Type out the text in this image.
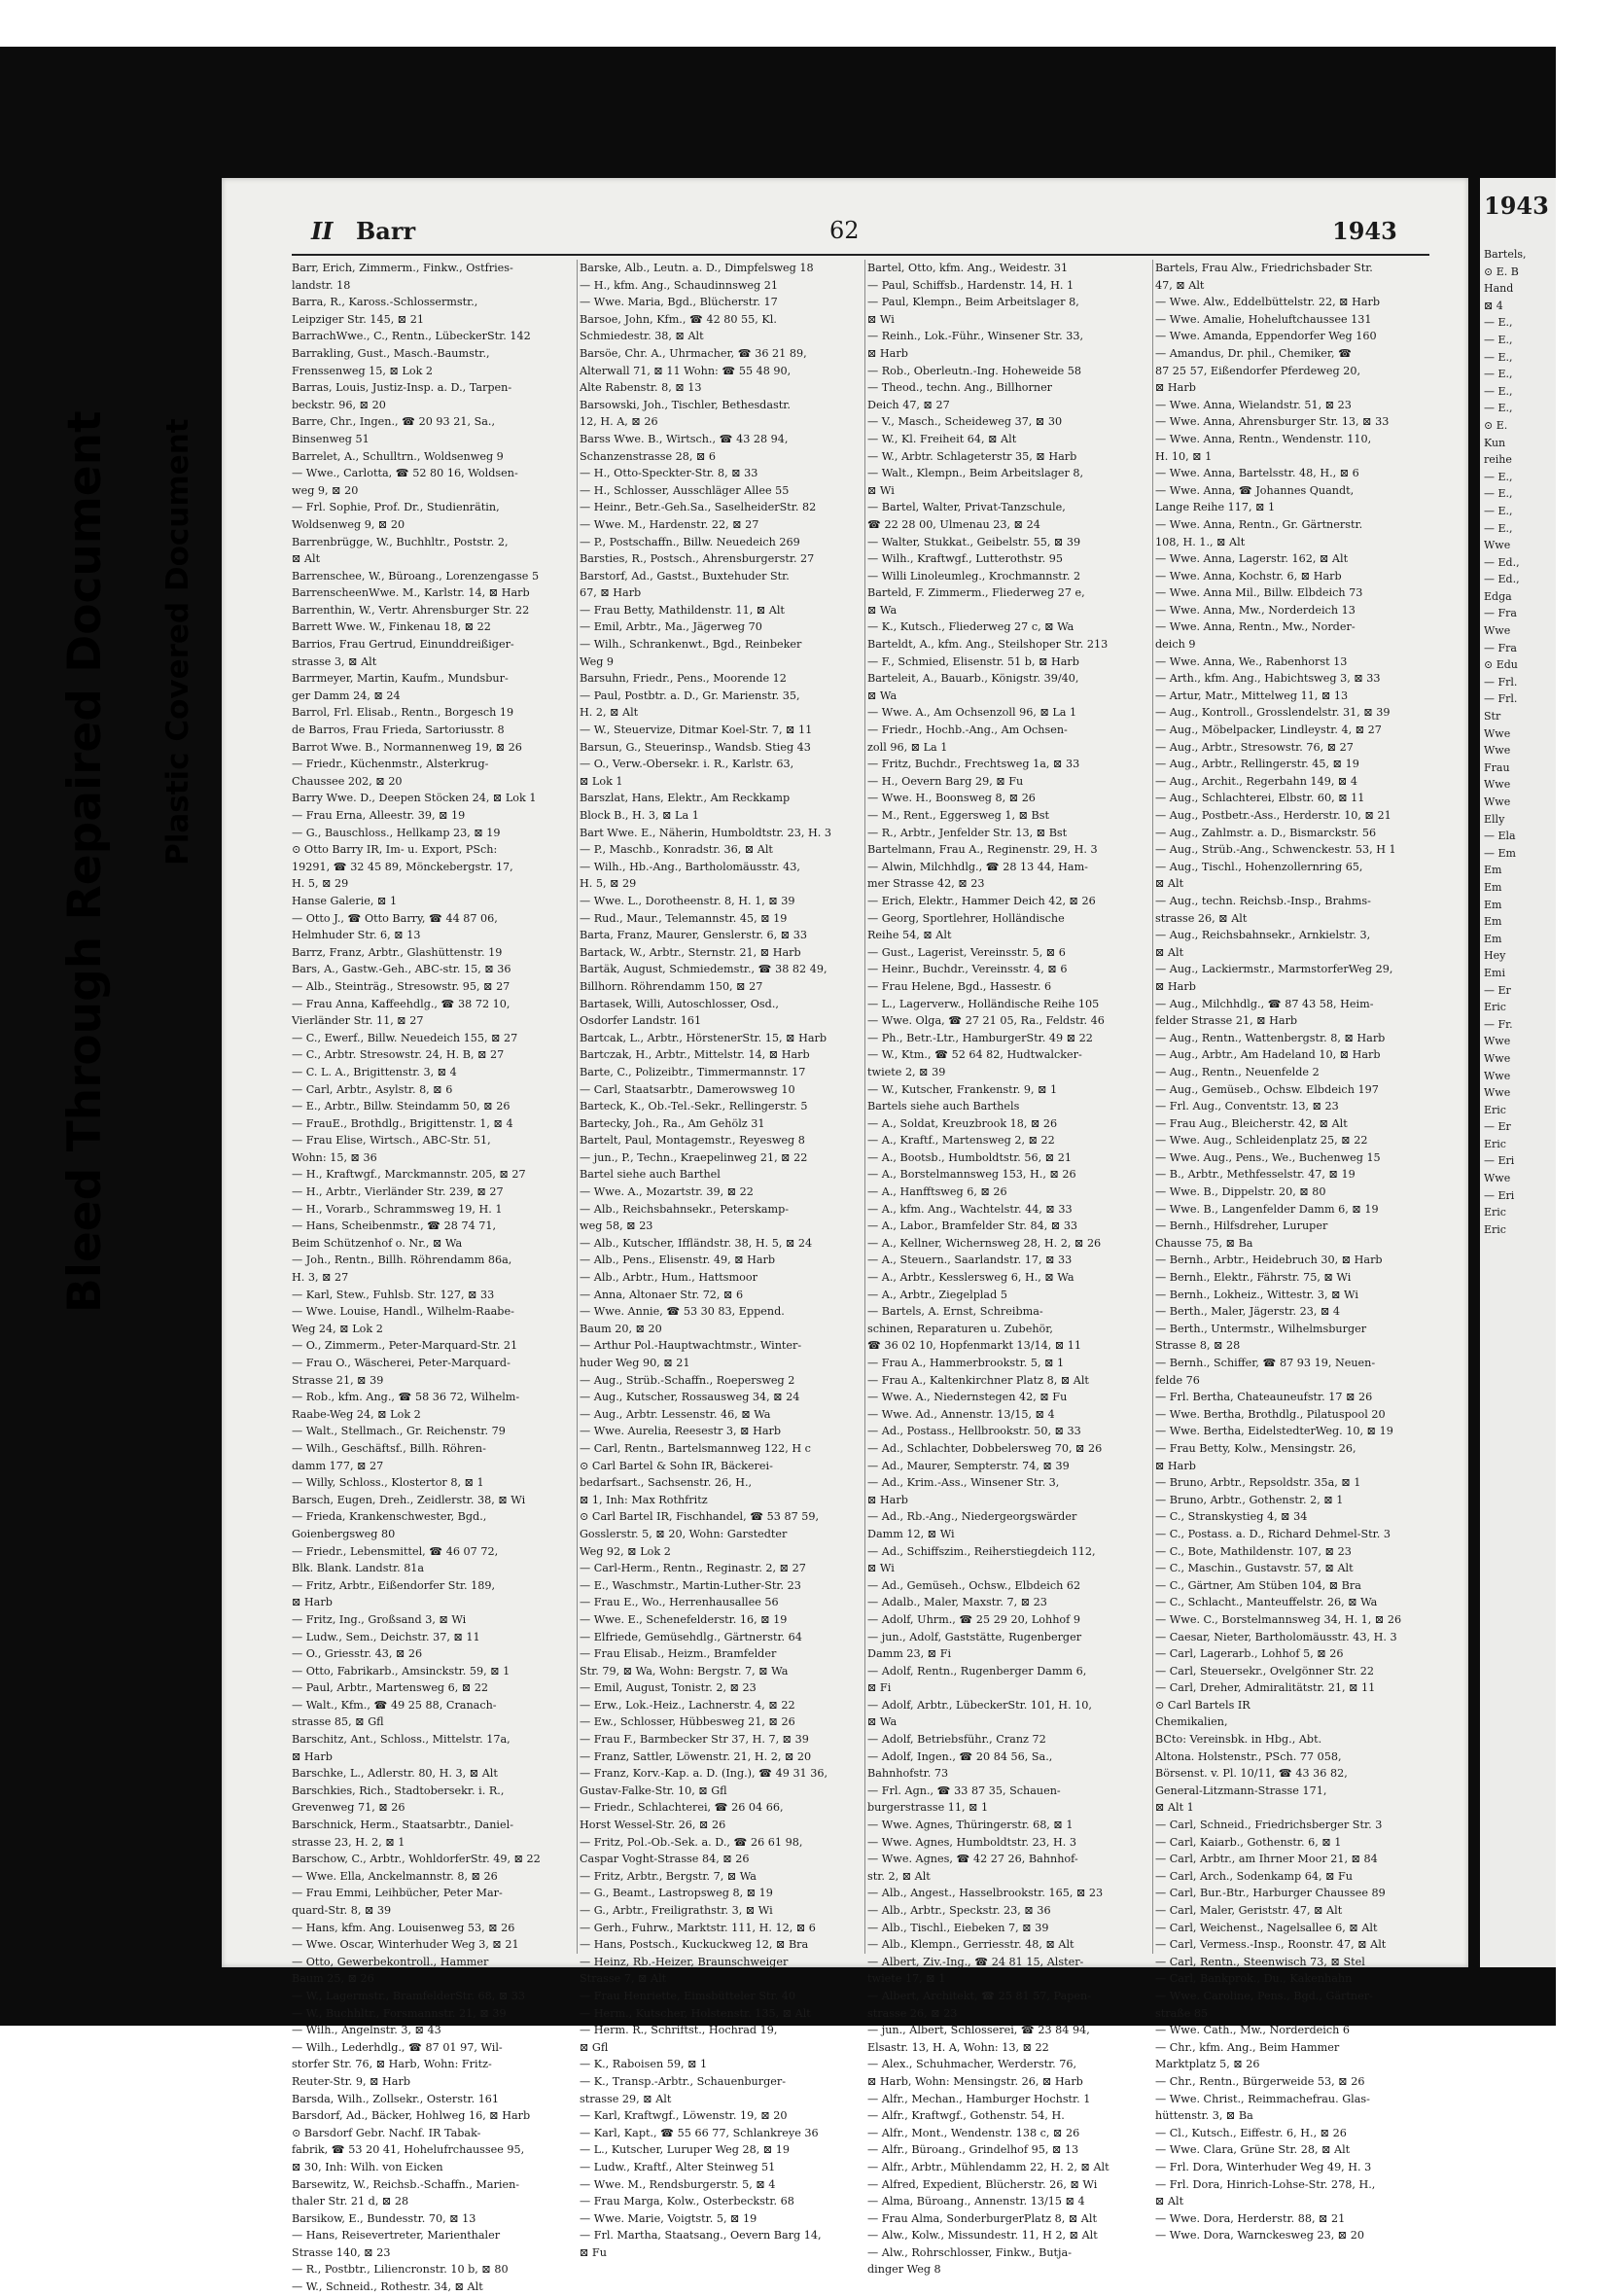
Bleed Through Repaired Document Plastic Covered Document
II Barr	62	1943
Barr, Erich, Zimmerm., Finkw., Ostfries-
landstr. 18
Barra, R., Kaross.-Schlossermstr.,
Leipziger Str. 145, ⊠ 21
BarrachWwe., C., Rentn., LübeckerStr. 142
Barrakling, Gust., Masch.-Baumstr.,
Frenssenweg 15, ⊠ Lok 2
Barras, Louis, Justiz-Insp. a. D., Tarpen-
beckstr. 96, ⊠ 20
Barre, Chr., Ingen., ☎ 20 93 21, Sa.,
Binsenweg 51
Barrelet, A., Schulltrn., Woldsenweg 9
— Wwe., Carlotta, ☎ 52 80 16, Woldsen-
weg 9, ⊠ 20
— Frl. Sophie, Prof. Dr., Studienrätin,
Woldsenweg 9, ⊠ 20
Barrenbrügge, W., Buchhltr., Poststr. 2,
⊠ Alt
Barrenschee, W., Büroang., Lorenzengasse 5
BarrenscheenWwe. M., Karlstr. 14, ⊠ Harb
Barrenthin, W., Vertr. Ahrensburger Str. 22
Barrett Wwe. W., Finkenau 18, ⊠ 22
Barrios, Frau Gertrud, Einunddreißiger-
strasse 3, ⊠ Alt
Barrmeyer, Martin, Kaufm., Mundsbur-
ger Damm 24, ⊠ 24
Barrol, Frl. Elisab., Rentn., Borgesch 19
de Barros, Frau Frieda, Sartoriusstr. 8
Barrot Wwe. B., Normannenweg 19, ⊠ 26
— Friedr., Küchenmstr., Alsterkrug-
Chaussee 202, ⊠ 20
Barry Wwe. D., Deepen Stöcken 24, ⊠ Lok 1
— Frau Erna, Alleestr. 39, ⊠ 19
— G., Bauschloss., Hellkamp 23, ⊠ 19
⊙ Otto Barry IR, Im- u. Export, PSch:
19291, ☎ 32 45 89, Mönckebergstr. 17,
H. 5, ⊠ 29
Hanse Galerie, ⊠ 1
— Otto J., ☎ Otto Barry, ☎ 44 87 06,
Helmhuder Str. 6, ⊠ 13
Barrz, Franz, Arbtr., Glashüttenstr. 19
Bars, A., Gastw.-Geh., ABC-str. 15, ⊠ 36
— Alb., Steinträg., Stresowstr. 95, ⊠ 27
— Frau Anna, Kaffeehdlg., ☎ 38 72 10,
Vierländer Str. 11, ⊠ 27
— C., Ewerf., Billw. Neuedeich 155, ⊠ 27
— C., Arbtr. Stresowstr. 24, H. B, ⊠ 27
— C. L. A., Brigittenstr. 3, ⊠ 4
— Carl, Arbtr., Asylstr. 8, ⊠ 6
— E., Arbtr., Billw. Steindamm 50, ⊠ 26
— FrauE., Brothdlg., Brigittenstr. 1, ⊠ 4
— Frau Elise, Wirtsch., ABC-Str. 51,
Wohn: 15, ⊠ 36
— H., Kraftwgf., Marckmannstr. 205, ⊠ 27
— H., Arbtr., Vierländer Str. 239, ⊠ 27
— H., Vorarb., Schrammsweg 19, H. 1
— Hans, Scheibenmstr., ☎ 28 74 71,
Beim Schützenhof o. Nr., ⊠ Wa
— Joh., Rentn., Billh. Röhrendamm 86a,
H. 3, ⊠ 27
— Karl, Stew., Fuhlsb. Str. 127, ⊠ 33
— Wwe. Louise, Handl., Wilhelm-Raabe-
Weg 24, ⊠ Lok 2
— O., Zimmerm., Peter-Marquard-Str. 21
— Frau O., Wäscherei, Peter-Marquard-
Strasse 21, ⊠ 39
— Rob., kfm. Ang., ☎ 58 36 72, Wilhelm-
Raabe-Weg 24, ⊠ Lok 2
— Walt., Stellmach., Gr. Reichenstr. 79
— Wilh., Geschäftsf., Billh. Röhren-
damm 177, ⊠ 27
— Willy, Schloss., Klostertor 8, ⊠ 1
Barsch, Eugen, Dreh., Zeidlerstr. 38, ⊠ Wi
— Frieda, Krankenschwester, Bgd.,
Goienbergsweg 80
— Friedr., Lebensmittel, ☎ 46 07 72,
Blk. Blank. Landstr. 81a
— Fritz, Arbtr., Eißendorfer Str. 189,
⊠ Harb
— Fritz, Ing., Großsand 3, ⊠ Wi
— Ludw., Sem., Deichstr. 37, ⊠ 11
— O., Griesstr. 43, ⊠ 26
— Otto, Fabrikarb., Amsinckstr. 59, ⊠ 1
— Paul, Arbtr., Martensweg 6, ⊠ 22
— Walt., Kfm., ☎ 49 25 88, Cranach-
strasse 85, ⊠ Gfl
Barschitz, Ant., Schloss., Mittelstr. 17a,
⊠ Harb
Barschke, L., Adlerstr. 80, H. 3, ⊠ Alt
Barschkies, Rich., Stadtobersekr. i. R.,
Grevenweg 71, ⊠ 26
Barschnick, Herm., Staatsarbtr., Daniel-
strasse 23, H. 2, ⊠ 1
Barschow, C., Arbtr., WohldorferStr. 49, ⊠ 22
— Wwe. Ella, Anckelmannstr. 8, ⊠ 26
— Frau Emmi, Leihbücher, Peter Mar-
quard-Str. 8, ⊠ 39
— Hans, kfm. Ang. Louisenweg 53, ⊠ 26
— Wwe. Oscar, Winterhuder Weg 3, ⊠ 21
— Otto, Gewerbekontroll., Hammer
Baum 25, ⊠ 26
— W., Lagermstr., BramfelderStr. 68, ⊠ 33
— W., Buchhltr., Forsmannstr. 21, ⊠ 39
— Wilh., Angelnstr. 3, ⊠ 43
— Wilh., Lederhdlg., ☎ 87 01 97, Wil-
storfer Str. 76, ⊠ Harb, Wohn: Fritz-
Reuter-Str. 9, ⊠ Harb
Barsda, Wilh., Zollsekr., Osterstr. 161
Barsdorf, Ad., Bäcker, Hohlweg 16, ⊠ Harb
⊙ Barsdorf Gebr. Nachf. IR Tabak-
fabrik, ☎ 53 20 41, Hohelufrchaussee 95,
⊠ 30, Inh: Wilh. von Eicken
Barsewitz, W., Reichsb.-Schaffn., Marien-
thaler Str. 21 d, ⊠ 28
Barsikow, E., Bundesstr. 70, ⊠ 13
— Hans, Reisevertreter, Marienthaler
Strasse 140, ⊠ 23
— R., Postbtr., Liliencronstr. 10 b, ⊠ 80
— W., Schneid., Rothestr. 34, ⊠ Alt
Barske, Alb., Leutn. a. D., Dimpfelsweg 18
— H., kfm. Ang., Schaudinnsweg 21
— Wwe. Maria, Bgd., Blücherstr. 17
Barsoe, John, Kfm., ☎ 42 80 55, Kl.
Schmiedestr. 38, ⊠ Alt
Barsöe, Chr. A., Uhrmacher, ☎ 36 21 89,
Alterwall 71, ⊠ 11 Wohn: ☎ 55 48 90,
Alte Rabenstr. 8, ⊠ 13
Barsowski, Joh., Tischler, Bethesdastr.
12, H. A, ⊠ 26
Barss Wwe. B., Wirtsch., ☎ 43 28 94,
Schanzenstrasse 28, ⊠ 6
— H., Otto-Speckter-Str. 8, ⊠ 33
— H., Schlosser, Ausschläger Allee 55
— Heinr., Betr.-Geh.Sa., SaselheiderStr. 82
— Wwe. M., Hardenstr. 22, ⊠ 27
— P., Postschaffn., Billw. Neuedeich 269
Barsties, R., Postsch., Ahrensburgerstr. 27
Barstorf, Ad., Gastst., Buxtehuder Str.
67, ⊠ Harb
— Frau Betty, Mathildenstr. 11, ⊠ Alt
— Emil, Arbtr., Ma., Jägerweg 70
— Wilh., Schrankenwt., Bgd., Reinbeker
Weg 9
Barsuhn, Friedr., Pens., Moorende 12
— Paul, Postbtr. a. D., Gr. Marienstr. 35,
H. 2, ⊠ Alt
— W., Steuervize, Ditmar Koel-Str. 7, ⊠ 11
Barsun, G., Steuerinsp., Wandsb. Stieg 43
— O., Verw.-Obersekr. i. R., Karlstr. 63,
⊠ Lok 1
Barszlat, Hans, Elektr., Am Reckkamp
Block B., H. 3, ⊠ La 1
Bart Wwe. E., Näherin, Humboldtstr. 23, H. 3
— P., Maschb., Konradstr. 36, ⊠ Alt
— Wilh., Hb.-Ang., Bartholomäusstr. 43,
H. 5, ⊠ 29
— Wwe. L., Dorotheenstr. 8, H. 1, ⊠ 39
— Rud., Maur., Telemannstr. 45, ⊠ 19
Barta, Franz, Maurer, Genslerstr. 6, ⊠ 33
Bartack, W., Arbtr., Sternstr. 21, ⊠ Harb
Bartäk, August, Schmiedemstr., ☎ 38 82 49,
Billhorn. Röhrendamm 150, ⊠ 27
Bartasek, Willi, Autoschlosser, Osd.,
Osdorfer Landstr. 161
Bartcak, L., Arbtr., HörstenerStr. 15, ⊠ Harb
Bartczak, H., Arbtr., Mittelstr. 14, ⊠ Harb
Barte, C., Polizeibtr., Timmermannstr. 17
— Carl, Staatsarbtr., Damerowsweg 10
Barteck, K., Ob.-Tel.-Sekr., Rellingerstr. 5
Bartecky, Joh., Ra., Am Gehölz 31
Bartelt, Paul, Montagemstr., Reyesweg 8
— jun., P., Techn., Kraepelinweg 21, ⊠ 22
Bartel siehe auch Barthel
— Wwe. A., Mozartstr. 39, ⊠ 22
— Alb., Reichsbahnsekr., Peterskamp-
weg 58, ⊠ 23
— Alb., Kutscher, Iffländstr. 38, H. 5, ⊠ 24
— Alb., Pens., Elisenstr. 49, ⊠ Harb
— Alb., Arbtr., Hum., Hattsmoor
— Anna, Altonaer Str. 72, ⊠ 6
— Wwe. Annie, ☎ 53 30 83, Eppend.
Baum 20, ⊠ 20
— Arthur Pol.-Hauptwachtmstr., Winter-
huder Weg 90, ⊠ 21
— Aug., Strüb.-Schaffn., Roepersweg 2
— Aug., Kutscher, Rossausweg 34, ⊠ 24
— Aug., Arbtr. Lessenstr. 46, ⊠ Wa
— Wwe. Aurelia, Reesestr 3, ⊠ Harb
— Carl, Rentn., Bartelsmannweg 122, H c
⊙ Carl Bartel & Sohn IR, Bäckerei-
bedarfsart., Sachsenstr. 26, H.,
⊠ 1, Inh: Max Rothfritz
⊙ Carl Bartel IR, Fischhandel, ☎ 53 87 59,
Gosslerstr. 5, ⊠ 20, Wohn: Garstedter
Weg 92, ⊠ Lok 2
— Carl-Herm., Rentn., Reginastr. 2, ⊠ 27
— E., Waschmstr., Martin-Luther-Str. 23
— Frau E., Wo., Herrenhausallee 56
— Wwe. E., Schenefelderstr. 16, ⊠ 19
— Elfriede, Gemüsehdlg., Gärtnerstr. 64
— Frau Elisab., Heizm., Bramfelder
Str. 79, ⊠ Wa, Wohn: Bergstr. 7, ⊠ Wa
— Emil, August, Tonistr. 2, ⊠ 23
— Erw., Lok.-Heiz., Lachnerstr. 4, ⊠ 22
— Ew., Schlosser, Hübbesweg 21, ⊠ 26
— Frau F., Barmbecker Str 37, H. 7, ⊠ 39
— Franz, Sattler, Löwenstr. 21, H. 2, ⊠ 20
— Franz, Korv.-Kap. a. D. (Ing.), ☎ 49 31 36,
Gustav-Falke-Str. 10, ⊠ Gfl
— Friedr., Schlachterei, ☎ 26 04 66,
Horst Wessel-Str. 26, ⊠ 26
— Fritz, Pol.-Ob.-Sek. a. D., ☎ 26 61 98,
Caspar Voght-Strasse 84, ⊠ 26
— Fritz, Arbtr., Bergstr. 7, ⊠ Wa
— G., Beamt., Lastropsweg 8, ⊠ 19
— G., Arbtr., Freiligrathstr. 3, ⊠ Wi
— Gerh., Fuhrw., Marktstr. 111, H. 12, ⊠ 6
— Hans, Postsch., Kuckuckweg 12, ⊠ Bra
— Heinz, Rb.-Heizer, Braunschweiger
Strasse 7, ⊠ Alt
— Frau Henriette, Eimsbütteler Str. 40
— Herm., Kutscher, Holstenstr. 135, ⊠ Alt
— Herm. R., Schriftst., Hochrad 19,
⊠ Gfl
— K., Raboisen 59, ⊠ 1
— K., Transp.-Arbtr., Schauenburger-
strasse 29, ⊠ Alt
— Karl, Kraftwgf., Löwenstr. 19, ⊠ 20
— Karl, Kapt., ☎ 55 66 77, Schlankreye 36
— L., Kutscher, Luruper Weg 28, ⊠ 19
— Ludw., Kraftf., Alter Steinweg 51
— Wwe. M., Rendsburgerstr. 5, ⊠ 4
— Frau Marga, Kolw., Osterbeckstr. 68
— Wwe. Marie, Voigtstr. 5, ⊠ 19
— Frl. Martha, Staatsang., Oevern Barg 14,
⊠ Fu
Bartel, Otto, kfm. Ang., Weidestr. 31
— Paul, Schiffsb., Hardenstr. 14, H. 1
— Paul, Klempn., Beim Arbeitslager 8,
⊠ Wi
— Reinh., Lok.-Führ., Winsener Str. 33,
⊠ Harb
— Rob., Oberleutn.-Ing. Hoheweide 58
— Theod., techn. Ang., Billhorner
Deich 47, ⊠ 27
— V., Masch., Scheideweg 37, ⊠ 30
— W., Kl. Freiheit 64, ⊠ Alt
— W., Arbtr. Schlageterstr 35, ⊠ Harb
— Walt., Klempn., Beim Arbeitslager 8,
⊠ Wi
— Bartel, Walter, Privat-Tanzschule,
☎ 22 28 00, Ulmenau 23, ⊠ 24
— Walter, Stukkat., Geibelstr. 55, ⊠ 39
— Wilh., Kraftwgf., Lutterothstr. 95
— Willi Linoleumleg., Krochmannstr. 2
Barteld, F. Zimmerm., Fliederweg 27 e,
⊠ Wa
— K., Kutsch., Fliederweg 27 c, ⊠ Wa
Barteldt, A., kfm. Ang., Steilshoper Str. 213
— F., Schmied, Elisenstr. 51 b, ⊠ Harb
Barteleit, A., Bauarb., Königstr. 39/40,
⊠ Wa
— Wwe. A., Am Ochsenzoll 96, ⊠ La 1
— Friedr., Hochb.-Ang., Am Ochsen-
zoll 96, ⊠ La 1
— Fritz, Buchdr., Frechtsweg 1a, ⊠ 33
— H., Oevern Barg 29, ⊠ Fu
— Wwe. H., Boonsweg 8, ⊠ 26
— M., Rent., Eggersweg 1, ⊠ Bst
— R., Arbtr., Jenfelder Str. 13, ⊠ Bst
Bartelmann, Frau A., Reginenstr. 29, H. 3
— Alwin, Milchhdlg., ☎ 28 13 44, Ham-
mer Strasse 42, ⊠ 23
— Erich, Elektr., Hammer Deich 42, ⊠ 26
— Georg, Sportlehrer, Holländische
Reihe 54, ⊠ Alt
— Gust., Lagerist, Vereinsstr. 5, ⊠ 6
— Heinr., Buchdr., Vereinsstr. 4, ⊠ 6
— Frau Helene, Bgd., Hassestr. 6
— L., Lagerverw., Holländische Reihe 105
— Wwe. Olga, ☎ 27 21 05, Ra., Feldstr. 46
— Ph., Betr.-Ltr., HamburgerStr. 49 ⊠ 22
— W., Ktm., ☎ 52 64 82, Hudtwalcker-
twiete 2, ⊠ 39
— W., Kutscher, Frankenstr. 9, ⊠ 1
Bartels siehe auch Barthels
— A., Soldat, Kreuzbrook 18, ⊠ 26
— A., Kraftf., Martensweg 2, ⊠ 22
— A., Bootsb., Humboldtstr. 56, ⊠ 21
— A., Borstelmannsweg 153, H., ⊠ 26
— A., Hanfftsweg 6, ⊠ 26
— A., kfm. Ang., Wachtelstr. 44, ⊠ 33
— A., Labor., Bramfelder Str. 84, ⊠ 33
— A., Kellner, Wichernsweg 28, H. 2, ⊠ 26
— A., Steuern., Saarlandstr. 17, ⊠ 33
— A., Arbtr., Kesslersweg 6, H., ⊠ Wa
— A., Arbtr., Ziegelplad 5
— Bartels, A. Ernst, Schreibma-
schinen, Reparaturen u. Zubehör,
☎ 36 02 10, Hopfenmarkt 13/14, ⊠ 11
— Frau A., Hammerbrookstr. 5, ⊠ 1
— Frau A., Kaltenkirchner Platz 8, ⊠ Alt
— Wwe. A., Niedernstegen 42, ⊠ Fu
— Wwe. Ad., Annenstr. 13/15, ⊠ 4
— Ad., Postass., Hellbrookstr. 50, ⊠ 33
— Ad., Schlachter, Dobbelersweg 70, ⊠ 26
— Ad., Maurer, Sempterstr. 74, ⊠ 39
— Ad., Krim.-Ass., Winsener Str. 3,
⊠ Harb
— Ad., Rb.-Ang., Niedergeorgswärder
Damm 12, ⊠ Wi
— Ad., Schiffszim., Reiherstiegdeich 112,
⊠ Wi
— Ad., Gemüseh., Ochsw., Elbdeich 62
— Adalb., Maler, Maxstr. 7, ⊠ 23
— Adolf, Uhrm., ☎ 25 29 20, Lohhof 9
— jun., Adolf, Gaststätte, Rugenberger
Damm 23, ⊠ Fi
— Adolf, Rentn., Rugenberger Damm 6,
⊠ Fi
— Adolf, Arbtr., LübeckerStr. 101, H. 10,
⊠ Wa
— Adolf, Betriebsführ., Cranz 72
— Adolf, Ingen., ☎ 20 84 56, Sa.,
Bahnhofstr. 73
— Frl. Agn., ☎ 33 87 35, Schauen-
burgerstrasse 11, ⊠ 1
— Wwe. Agnes, Thüringerstr. 68, ⊠ 1
— Wwe. Agnes, Humboldtstr. 23, H. 3
— Wwe. Agnes, ☎ 42 27 26, Bahnhof-
str. 2, ⊠ Alt
— Alb., Angest., Hasselbrookstr. 165, ⊠ 23
— Alb., Arbtr., Speckstr. 23, ⊠ 36
— Alb., Tischl., Eiebeken 7, ⊠ 39
— Alb., Klempn., Gerriesstr. 48, ⊠ Alt
— Albert, Ziv.-Ing., ☎ 24 81 15, Alster-
twiete 17, ⊠ 1
— Albert, Architekt, ☎ 25 81 57, Papen-
strasse 26, ⊠ 23
— jun., Albert, Schlosserei, ☎ 23 84 94,
Elsastr. 13, H. A, Wohn: 13, ⊠ 22
— Alex., Schuhmacher, Werderstr. 76,
⊠ Harb, Wohn: Mensingstr. 26, ⊠ Harb
— Alfr., Mechan., Hamburger Hochstr. 1
— Alfr., Kraftwgf., Gothenstr. 54, H.
— Alfr., Mont., Wendenstr. 138 c, ⊠ 26
— Alfr., Büroang., Grindelhof 95, ⊠ 13
— Alfr., Arbtr., Mühlendamm 22, H. 2, ⊠ Alt
— Alfred, Expedient, Blücherstr. 26, ⊠ Wi
— Alma, Büroang., Annenstr. 13/15 ⊠ 4
— Frau Alma, SonderburgerPlatz 8, ⊠ Alt
— Alw., Kolw., Missundestr. 11, H 2, ⊠ Alt
— Alw., Rohrschlosser, Finkw., Butja-
dinger Weg 8
Bartels, Frau Alw., Friedrichsbader Str.
47, ⊠ Alt
— Wwe. Alw., Eddelbüttelstr. 22, ⊠ Harb
— Wwe. Amalie, Hoheluftchaussee 131
— Wwe. Amanda, Eppendorfer Weg 160
— Amandus, Dr. phil., Chemiker, ☎
87 25 57, Eißendorfer Pferdeweg 20,
⊠ Harb
— Wwe. Anna, Wielandstr. 51, ⊠ 23
— Wwe. Anna, Ahrensburger Str. 13, ⊠ 33
— Wwe. Anna, Rentn., Wendenstr. 110,
H. 10, ⊠ 1
— Wwe. Anna, Bartelsstr. 48, H., ⊠ 6
— Wwe. Anna, ☎ Johannes Quandt,
Lange Reihe 117, ⊠ 1
— Wwe. Anna, Rentn., Gr. Gärtnerstr.
108, H. 1., ⊠ Alt
— Wwe. Anna, Lagerstr. 162, ⊠ Alt
— Wwe. Anna, Kochstr. 6, ⊠ Harb
— Wwe. Anna Mil., Billw. Elbdeich 73
— Wwe. Anna, Mw., Norderdeich 13
— Wwe. Anna, Rentn., Mw., Norder-
deich 9
— Wwe. Anna, We., Rabenhorst 13
— Arth., kfm. Ang., Habichtsweg 3, ⊠ 33
— Artur, Matr., Mittelweg 11, ⊠ 13
— Aug., Kontroll., Grosslendelstr. 31, ⊠ 39
— Aug., Möbelpacker, Lindleystr. 4, ⊠ 27
— Aug., Arbtr., Stresowstr. 76, ⊠ 27
— Aug., Arbtr., Rellingerstr. 45, ⊠ 19
— Aug., Archit., Regerbahn 149, ⊠ 4
— Aug., Schlachterei, Elbstr. 60, ⊠ 11
— Aug., Postbetr.-Ass., Herderstr. 10, ⊠ 21
— Aug., Zahlmstr. a. D., Bismarckstr. 56
— Aug., Strüb.-Ang., Schwenckestr. 53, H 1
— Aug., Tischl., Hohenzollernring 65,
⊠ Alt
— Aug., techn. Reichsb.-Insp., Brahms-
strasse 26, ⊠ Alt
— Aug., Reichsbahnsekr., Arnkielstr. 3,
⊠ Alt
— Aug., Lackiermstr., MarmstorferWeg 29,
⊠ Harb
— Aug., Milchhdlg., ☎ 87 43 58, Heim-
felder Strasse 21, ⊠ Harb
— Aug., Rentn., Wattenbergstr. 8, ⊠ Harb
— Aug., Arbtr., Am Hadeland 10, ⊠ Harb
— Aug., Rentn., Neuenfelde 2
— Aug., Gemüseb., Ochsw. Elbdeich 197
— Frl. Aug., Conventstr. 13, ⊠ 23
— Frau Aug., Bleicherstr. 42, ⊠ Alt
— Wwe. Aug., Schleidenplatz 25, ⊠ 22
— Wwe. Aug., Pens., We., Buchenweg 15
— B., Arbtr., Methfesselstr. 47, ⊠ 19
— Wwe. B., Dippelstr. 20, ⊠ 80
— Wwe. B., Langenfelder Damm 6, ⊠ 19
— Bernh., Hilfsdreher, Luruper
Chausse 75, ⊠ Ba
— Bernh., Arbtr., Heidebruch 30, ⊠ Harb
— Bernh., Elektr., Fährstr. 75, ⊠ Wi
— Bernh., Lokheiz., Wittestr. 3, ⊠ Wi
— Berth., Maler, Jägerstr. 23, ⊠ 4
— Berth., Untermstr., Wilhelmsburger
Strasse 8, ⊠ 28
— Bernh., Schiffer, ☎ 87 93 19, Neuen-
felde 76
— Frl. Bertha, Chateauneufstr. 17 ⊠ 26
— Wwe. Bertha, Brothdlg., Pilatuspool 20
— Wwe. Bertha, EidelstedterWeg. 10, ⊠ 19
— Frau Betty, Kolw., Mensingstr. 26,
⊠ Harb
— Bruno, Arbtr., Repsoldstr. 35a, ⊠ 1
— Bruno, Arbtr., Gothenstr. 2, ⊠ 1
— C., Stranskystieg 4, ⊠ 34
— C., Postass. a. D., Richard Dehmel-Str. 3
— C., Bote, Mathildenstr. 107, ⊠ 23
— C., Maschin., Gustavstr. 57, ⊠ Alt
— C., Gärtner, Am Stüben 104, ⊠ Bra
— C., Schlacht., Manteuffelstr. 26, ⊠ Wa
— Wwe. C., Borstelmannsweg 34, H. 1, ⊠ 26
— Caesar, Nieter, Bartholomäusstr. 43, H. 3
— Carl, Lagerarb., Lohhof 5, ⊠ 26
— Carl, Steuersekr., Ovelgönner Str. 22
— Carl, Dreher, Admiralitätstr. 21, ⊠ 11
⊙ Carl Bartels IR
Chemikalien,
BCto: Vereinsbk. in Hbg., Abt.
Altona. Holstenstr., PSch. 77 058,
Börsenst. v. Pl. 10/11, ☎ 43 36 82,
General-Litzmann-Strasse 171,
⊠ Alt 1
— Carl, Schneid., Friedrichsberger Str. 3
— Carl, Kaiarb., Gothenstr. 6, ⊠ 1
— Carl, Arbtr., am Ihrner Moor 21, ⊠ 84
— Carl, Arch., Sodenkamp 64, ⊠ Fu
— Carl, Bur.-Btr., Harburger Chaussee 89
— Carl, Maler, Geriststr. 47, ⊠ Alt
— Carl, Weichenst., Nagelsallee 6, ⊠ Alt
— Carl, Vermess.-Insp., Roonstr. 47, ⊠ Alt
— Carl, Rentn., Steenwisch 73, ⊠ Stel
— Carl, Bankprok., Du., Kakenhahn
— Wwe. Caroline, Pens., Bgd., Gärtner-
straße 85
— Wwe. Cath., Mw., Norderdeich 6
— Chr., kfm. Ang., Beim Hammer
Marktplatz 5, ⊠ 26
— Chr., Rentn., Bürgerweide 53, ⊠ 26
— Wwe. Christ., Reimmachefrau. Glas-
hüttenstr. 3, ⊠ Ba
— Cl., Kutsch., Eiffestr. 6, H., ⊠ 26
— Wwe. Clara, Grüne Str. 28, ⊠ Alt
— Frl. Dora, Winterhuder Weg 49, H. 3
— Frl. Dora, Hinrich-Lohse-Str. 278, H.,
⊠ Alt
— Wwe. Dora, Herderstr. 88, ⊠ 21
— Wwe. Dora, Warnckesweg 23, ⊠ 20
1943
Bartels,
⊙ E. B
Hand
⊠ 4
— E.,
— E.,
— E.,
— E.,
— E.,
— E.,
⊙ E.
Kun
reihe
— E.,
— E.,
— E.,
— E.,
Wwe
— Ed.,
— Ed.,
Edga
— Fra
Wwe
— Fra
⊙ Edu
— Frl.
— Frl.
Str
Wwe
Wwe
Frau
Wwe
Wwe
Elly
— Ela
— Em
Em
Em
Em
Em
Em
Hey
Emi
— Er
Eric
— Fr.
Wwe
Wwe
Wwe
Wwe
Eric
— Er
Eric
— Eri
Wwe
— Eri
Eric
Eric
